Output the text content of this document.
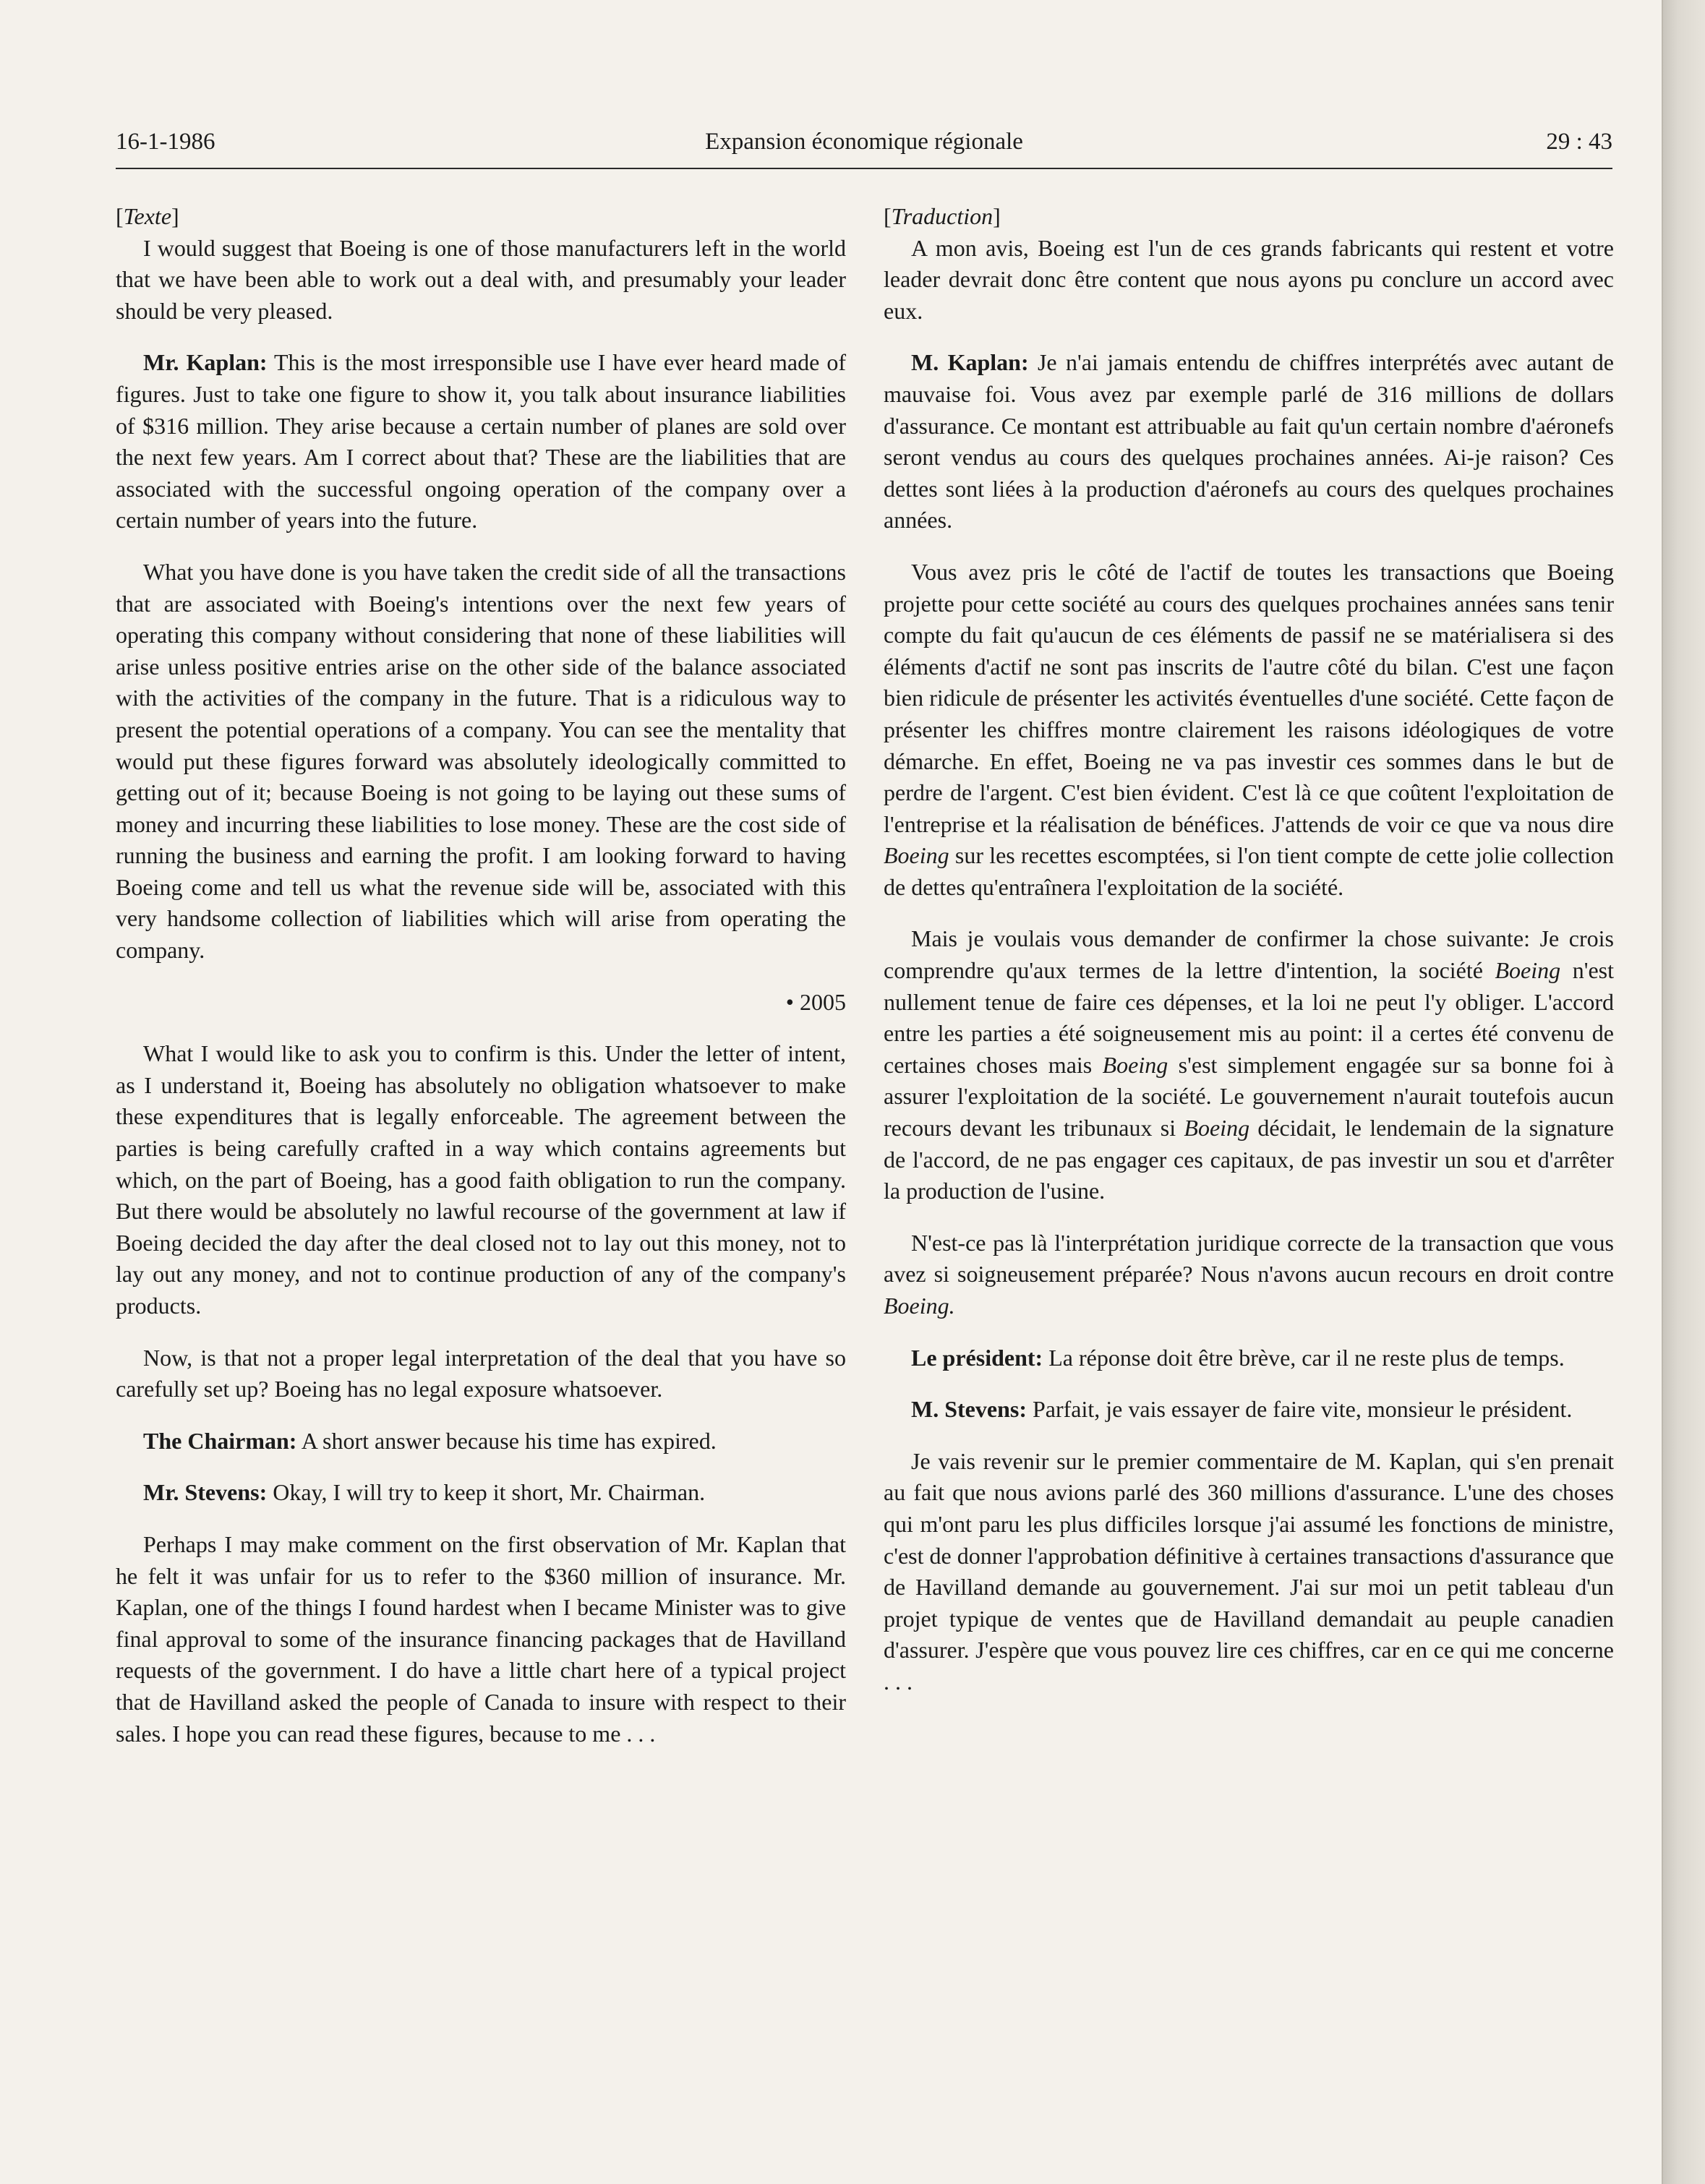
16-1-1986	Expansion économique régionale	29 : 43

[Texte]

I would suggest that Boeing is one of those manufacturers left in the world that we have been able to work out a deal with, and presumably your leader should be very pleased.

Mr. Kaplan: This is the most irresponsible use I have ever heard made of figures. Just to take one figure to show it, you talk about insurance liabilities of $316 million. They arise because a certain number of planes are sold over the next few years. Am I correct about that? These are the liabilities that are associated with the successful ongoing operation of the company over a certain number of years into the future.

What you have done is you have taken the credit side of all the transactions that are associated with Boeing's intentions over the next few years of operating this company without considering that none of these liabilities will arise unless positive entries arise on the other side of the balance associated with the activities of the company in the future. That is a ridiculous way to present the potential operations of a company. You can see the mentality that would put these figures forward was absolutely ideologically committed to getting out of it; because Boeing is not going to be laying out these sums of money and incurring these liabilities to lose money. These are the cost side of running the business and earning the profit. I am looking forward to having Boeing come and tell us what the revenue side will be, associated with this very handsome collection of liabilities which will arise from operating the company.

• 2005

What I would like to ask you to confirm is this. Under the letter of intent, as I understand it, Boeing has absolutely no obligation whatsoever to make these expenditures that is legally enforceable. The agreement between the parties is being carefully crafted in a way which contains agreements but which, on the part of Boeing, has a good faith obligation to run the company. But there would be absolutely no lawful recourse of the government at law if Boeing decided the day after the deal closed not to lay out this money, not to lay out any money, and not to continue production of any of the company's products.

Now, is that not a proper legal interpretation of the deal that you have so carefully set up? Boeing has no legal exposure whatsoever.

The Chairman: A short answer because his time has expired.

Mr. Stevens: Okay, I will try to keep it short, Mr. Chairman.

Perhaps I may make comment on the first observation of Mr. Kaplan that he felt it was unfair for us to refer to the $360 million of insurance. Mr. Kaplan, one of the things I found hardest when I became Minister was to give final approval to some of the insurance financing packages that de Havilland requests of the government. I do have a little chart here of a typical project that de Havilland asked the people of Canada to insure with respect to their sales. I hope you can read these figures, because to me . . .

[Traduction]

A mon avis, Boeing est l'un de ces grands fabricants qui restent et votre leader devrait donc être content que nous ayons pu conclure un accord avec eux.

M. Kaplan: Je n'ai jamais entendu de chiffres interprétés avec autant de mauvaise foi. Vous avez par exemple parlé de 316 millions de dollars d'assurance. Ce montant est attribuable au fait qu'un certain nombre d'aéronefs seront vendus au cours des quelques prochaines années. Ai-je raison? Ces dettes sont liées à la production d'aéronefs au cours des quelques prochaines années.

Vous avez pris le côté de l'actif de toutes les transactions que Boeing projette pour cette société au cours des quelques prochaines années sans tenir compte du fait qu'aucun de ces éléments de passif ne se matérialisera si des éléments d'actif ne sont pas inscrits de l'autre côté du bilan. C'est une façon bien ridicule de présenter les activités éventuelles d'une société. Cette façon de présenter les chiffres montre clairement les raisons idéologiques de votre démarche. En effet, Boeing ne va pas investir ces sommes dans le but de perdre de l'argent. C'est bien évident. C'est là ce que coûtent l'exploitation de l'entreprise et la réalisation de bénéfices. J'attends de voir ce que va nous dire Boeing sur les recettes escomptées, si l'on tient compte de cette jolie collection de dettes qu'entraînera l'exploitation de la société.

Mais je voulais vous demander de confirmer la chose suivante: Je crois comprendre qu'aux termes de la lettre d'intention, la société Boeing n'est nullement tenue de faire ces dépenses, et la loi ne peut l'y obliger. L'accord entre les parties a été soigneusement mis au point: il a certes été convenu de certaines choses mais Boeing s'est simplement engagée sur sa bonne foi à assurer l'exploitation de la société. Le gouvernement n'aurait toutefois aucun recours devant les tribunaux si Boeing décidait, le lendemain de la signature de l'accord, de ne pas engager ces capitaux, de pas investir un sou et d'arrêter la production de l'usine.

N'est-ce pas là l'interprétation juridique correcte de la transaction que vous avez si soigneusement préparée? Nous n'avons aucun recours en droit contre Boeing.

Le président: La réponse doit être brève, car il ne reste plus de temps.

M. Stevens: Parfait, je vais essayer de faire vite, monsieur le président.

Je vais revenir sur le premier commentaire de M. Kaplan, qui s'en prenait au fait que nous avions parlé des 360 millions d'assurance. L'une des choses qui m'ont paru les plus difficiles lorsque j'ai assumé les fonctions de ministre, c'est de donner l'approbation définitive à certaines transactions d'assurance que de Havilland demande au gouvernement. J'ai sur moi un petit tableau d'un projet typique de ventes que de Havilland demandait au peuple canadien d'assurer. J'espère que vous pouvez lire ces chiffres, car en ce qui me concerne . . .
